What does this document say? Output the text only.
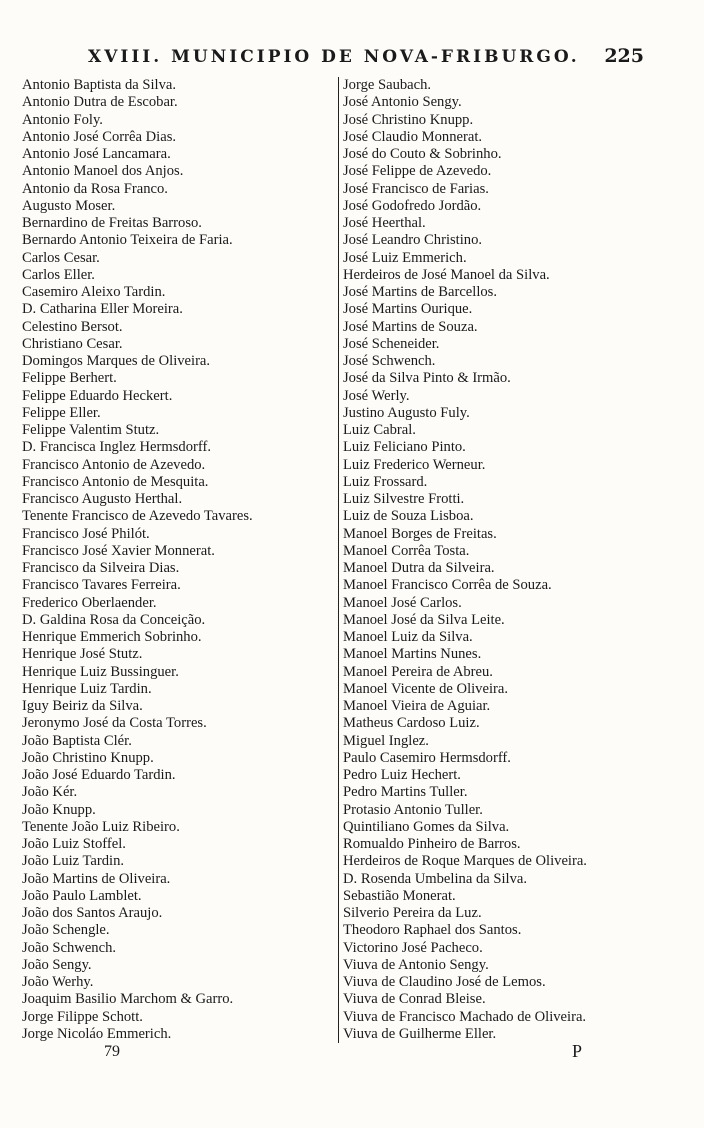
XVIII. MUNICIPIO DE NOVA-FRIBURGO. 225
Antonio Baptista da Silva.
Antonio Dutra de Escobar.
Antonio Foly.
Antonio José Corrêa Dias.
Antonio José Lancamara.
Antonio Manoel dos Anjos.
Antonio da Rosa Franco.
Augusto Moser.
Bernardino de Freitas Barroso.
Bernardo Antonio Teixeira de Faria.
Carlos Cesar.
Carlos Eller.
Casemiro Aleixo Tardin.
D. Catharina Eller Moreira.
Celestino Bersot.
Christiano Cesar.
Domingos Marques de Oliveira.
Felippe Berhert.
Felippe Eduardo Heckert.
Felippe Eller.
Felippe Valentim Stutz.
D. Francisca Inglez Hermsdorff.
Francisco Antonio de Azevedo.
Francisco Antonio de Mesquita.
Francisco Augusto Herthal.
Tenente Francisco de Azevedo Tavares.
Francisco José Philót.
Francisco José Xavier Monnerat.
Francisco da Silveira Dias.
Francisco Tavares Ferreira.
Frederico Oberlaender.
D. Galdina Rosa da Conceição.
Henrique Emmerich Sobrinho.
Henrique José Stutz.
Henrique Luiz Bussinguer.
Henrique Luiz Tardin.
Iguy Beiriz da Silva.
Jeronymo José da Costa Torres.
João Baptista Clér.
João Christino Knupp.
João José Eduardo Tardin.
João Kér.
João Knupp.
Tenente João Luiz Ribeiro.
João Luiz Stoffel.
João Luiz Tardin.
João Martins de Oliveira.
João Paulo Lamblet.
João dos Santos Araujo.
João Schengle.
João Schwench.
João Sengy.
João Werhy.
Joaquim Basilio Marchom & Garro.
Jorge Filippe Schott.
Jorge Nicoláo Emmerich.
Jorge Saubach.
José Antonio Sengy.
José Christino Knupp.
José Claudio Monnerat.
José do Couto & Sobrinho.
José Felippe de Azevedo.
José Francisco de Farias.
José Godofredo Jordão.
José Heerthal.
José Leandro Christino.
José Luiz Emmerich.
Herdeiros de José Manoel da Silva.
José Martins de Barcellos.
José Martins Ourique.
José Martins de Souza.
José Scheneider.
José Schwench.
José da Silva Pinto & Irmão.
José Werly.
Justino Augusto Fuly.
Luiz Cabral.
Luiz Feliciano Pinto.
Luiz Frederico Werneur.
Luiz Frossard.
Luiz Silvestre Frotti.
Luiz de Souza Lisboa.
Manoel Borges de Freitas.
Manoel Corrêa Tosta.
Manoel Dutra da Silveira.
Manoel Francisco Corrêa de Souza.
Manoel José Carlos.
Manoel José da Silva Leite.
Manoel Luiz da Silva.
Manoel Martins Nunes.
Manoel Pereira de Abreu.
Manoel Vicente de Oliveira.
Manoel Vieira de Aguiar.
Matheus Cardoso Luiz.
Miguel Inglez.
Paulo Casemiro Hermsdorff.
Pedro Luiz Hechert.
Pedro Martins Tuller.
Protasio Antonio Tuller.
Quintiliano Gomes da Silva.
Romualdo Pinheiro de Barros.
Herdeiros de Roque Marques de Oliveira.
D. Rosenda Umbelina da Silva.
Sebastião Monerat.
Silverio Pereira da Luz.
Theodoro Raphael dos Santos.
Victorino José Pacheco.
Viuva de Antonio Sengy.
Viuva de Claudino José de Lemos.
Viuva de Conrad Bleise.
Viuva de Francisco Machado de Oliveira.
Viuva de Guilherme Eller.
79	P
